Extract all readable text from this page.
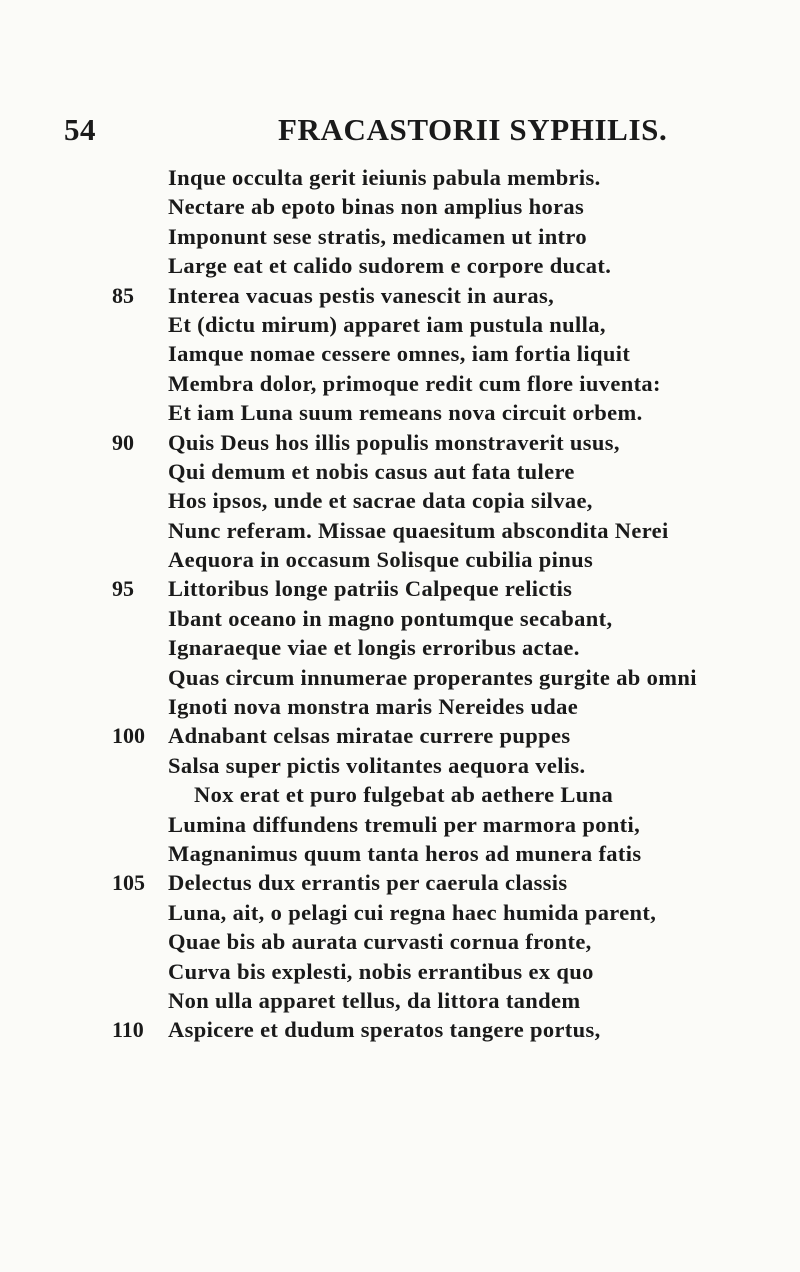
54	FRACASTORII SYPHILIS.
Inque occulta gerit ieiunis pabula membris.
Nectare ab epoto binas non amplius horas
Imponunt sese stratis, medicamen ut intro
Large eat et calido sudorem e corpore ducat.
85 Interea vacuas pestis vanescit in auras,
Et (dictu mirum) apparet iam pustula nulla,
Iamque nomae cessere omnes, iam fortia liquit
Membra dolor, primoque redit cum flore iuventa:
Et iam Luna suum remeans nova circuit orbem.
90 Quis Deus hos illis populis monstraverit usus,
Qui demum et nobis casus aut fata tulere
Hos ipsos, unde et sacrae data copia silvae,
Nunc referam. Missae quaesitum abscondita Nerei
Aequora in occasum Solisque cubilia pinus
95 Littoribus longe patriis Calpeque relictis
Ibant oceano in magno pontumque secabant,
Ignaraeque viae et longis erroribus actae.
Quas circum innumerae properantes gurgite ab omni
Ignoti nova monstra maris Nereides udae
100 Adnabant celsas miratae currere puppes
Salsa super pictis volitantes aequora velis.
Nox erat et puro fulgebat ab aethere Luna
Lumina diffundens tremuli per marmora ponti,
Magnanimus quum tanta heros ad munera fatis
105 Delectus dux errantis per caerula classis
Luna, ait, o pelagi cui regna haec humida parent,
Quae bis ab aurata curvasti cornua fronte,
Curva bis explesti, nobis errantibus ex quo
Non ulla apparet tellus, da littora tandem
110 Aspicere et dudum speratos tangere portus,
